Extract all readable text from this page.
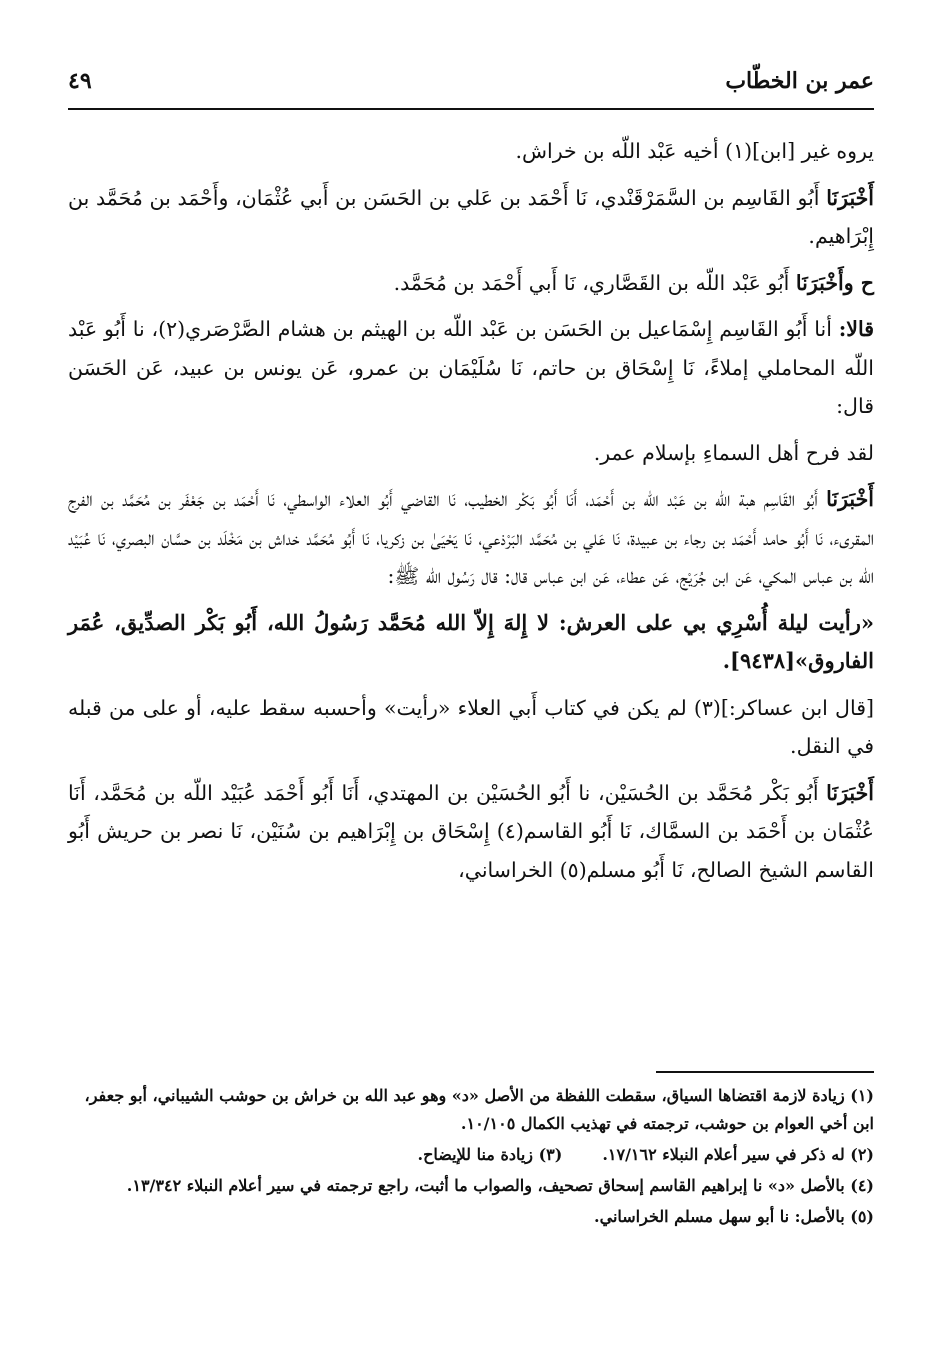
عمر بن الخطّاب
٤٩

يروه غير [ابن](١) أخيه عَبْد اللّه بن خراش.

أَخْبَرَنَا أَبُو القَاسِم بن السَّمَرْقَنْدي، نَا أَحْمَد بن عَلي بن الحَسَن بن أَبي عُثْمَان، وأَحْمَد بن مُحَمَّد بن إِبْرَاهيم.

ح وأَخْبَرَنَا أَبُو عَبْد اللّه بن القَصَّاري، نَا أَبي أَحْمَد بن مُحَمَّد.

قالا: أنا أَبُو القَاسِم إِسْمَاعيل بن الحَسَن بن عَبْد اللّه بن الهيثم بن هشام الصَّرْصَري(٢)، نا أَبُو عَبْد اللّه المحاملي إملاءً، نَا إِسْحَاق بن حاتم، نَا سُلَيْمَان بن عمرو، عَن يونس بن عبيد، عَن الحَسَن قال:

لقد فرح أهل السماءِ بإسلام عمر.

أَخْبَرَنَا أَبُو القَاسِم هبة اللّه بن عَبْد اللّه بن أَحْمَد، أَنَا أَبُو بَكْر الخطيب، نَا القاضي أَبُو العلاء الواسطي، نَا أَحْمَد بن جَعْفَر بن مُحَمَّد بن الفرج المقرىء، نَا أَبُو حامد أَحْمَد بن رجاء بن عبيدة، نَا عَلي بن مُحَمَّد البَرْذعي، نَا يَحْيَىٰ بن زكريا، نَا أَبُو مُحَمَّد خداش بن مَخْلَد بن حسَّان البصري، نَا عُبَيْد اللّه بن عباس المكي، عَن ابن جُرَيْج، عَن عطاء، عَن ابن عباس قال: قال رَسُول الله ﷺ:

«رأيت ليلة أُسْرِي بي على العرش: لا إِلهَ إِلاّ الله مُحَمَّد رَسُولُ الله، أَبُو بَكْر الصدِّيق، عُمَر الفاروق»[٩٤٣٨].

[قال ابن عساكر:](٣) لم يكن في كتاب أَبي العلاء «رأيت» وأحسبه سقط عليه، أو على من قبله في النقل.

أَخْبَرَنَا أَبُو بَكْر مُحَمَّد بن الحُسَيْن، نا أَبُو الحُسَيْن بن المهتدي، أَنَا أَبُو أَحْمَد عُبَيْد اللّه بن مُحَمَّد، أَنَا عُثْمَان بن أَحْمَد بن السمَّاك، نَا أَبُو القاسم(٤) إِسْحَاق بن إِبْرَاهيم بن سُنَيْن، نَا نصر بن حريش أَبُو القاسم الشيخ الصالح، نَا أَبُو مسلم(٥) الخراساني،

(١) زيادة لازمة اقتضاها السياق، سقطت اللفظة من الأصل «د» وهو عبد الله بن خراش بن حوشب الشيباني، أبو جعفر، ابن أخي العوام بن حوشب، ترجمته في تهذيب الكمال ١٠/١٠٥.

(٢) له ذكر في سير أعلام النبلاء ١٧/١٦٢.
(٣) زيادة منا للإيضاح.

(٤) بالأصل «د» نا إبراهيم القاسم إسحاق تصحيف، والصواب ما أثبت، راجع ترجمته في سير أعلام النبلاء ١٣/٣٤٢.

(٥) بالأصل: نا أبو سهل مسلم الخراساني.
